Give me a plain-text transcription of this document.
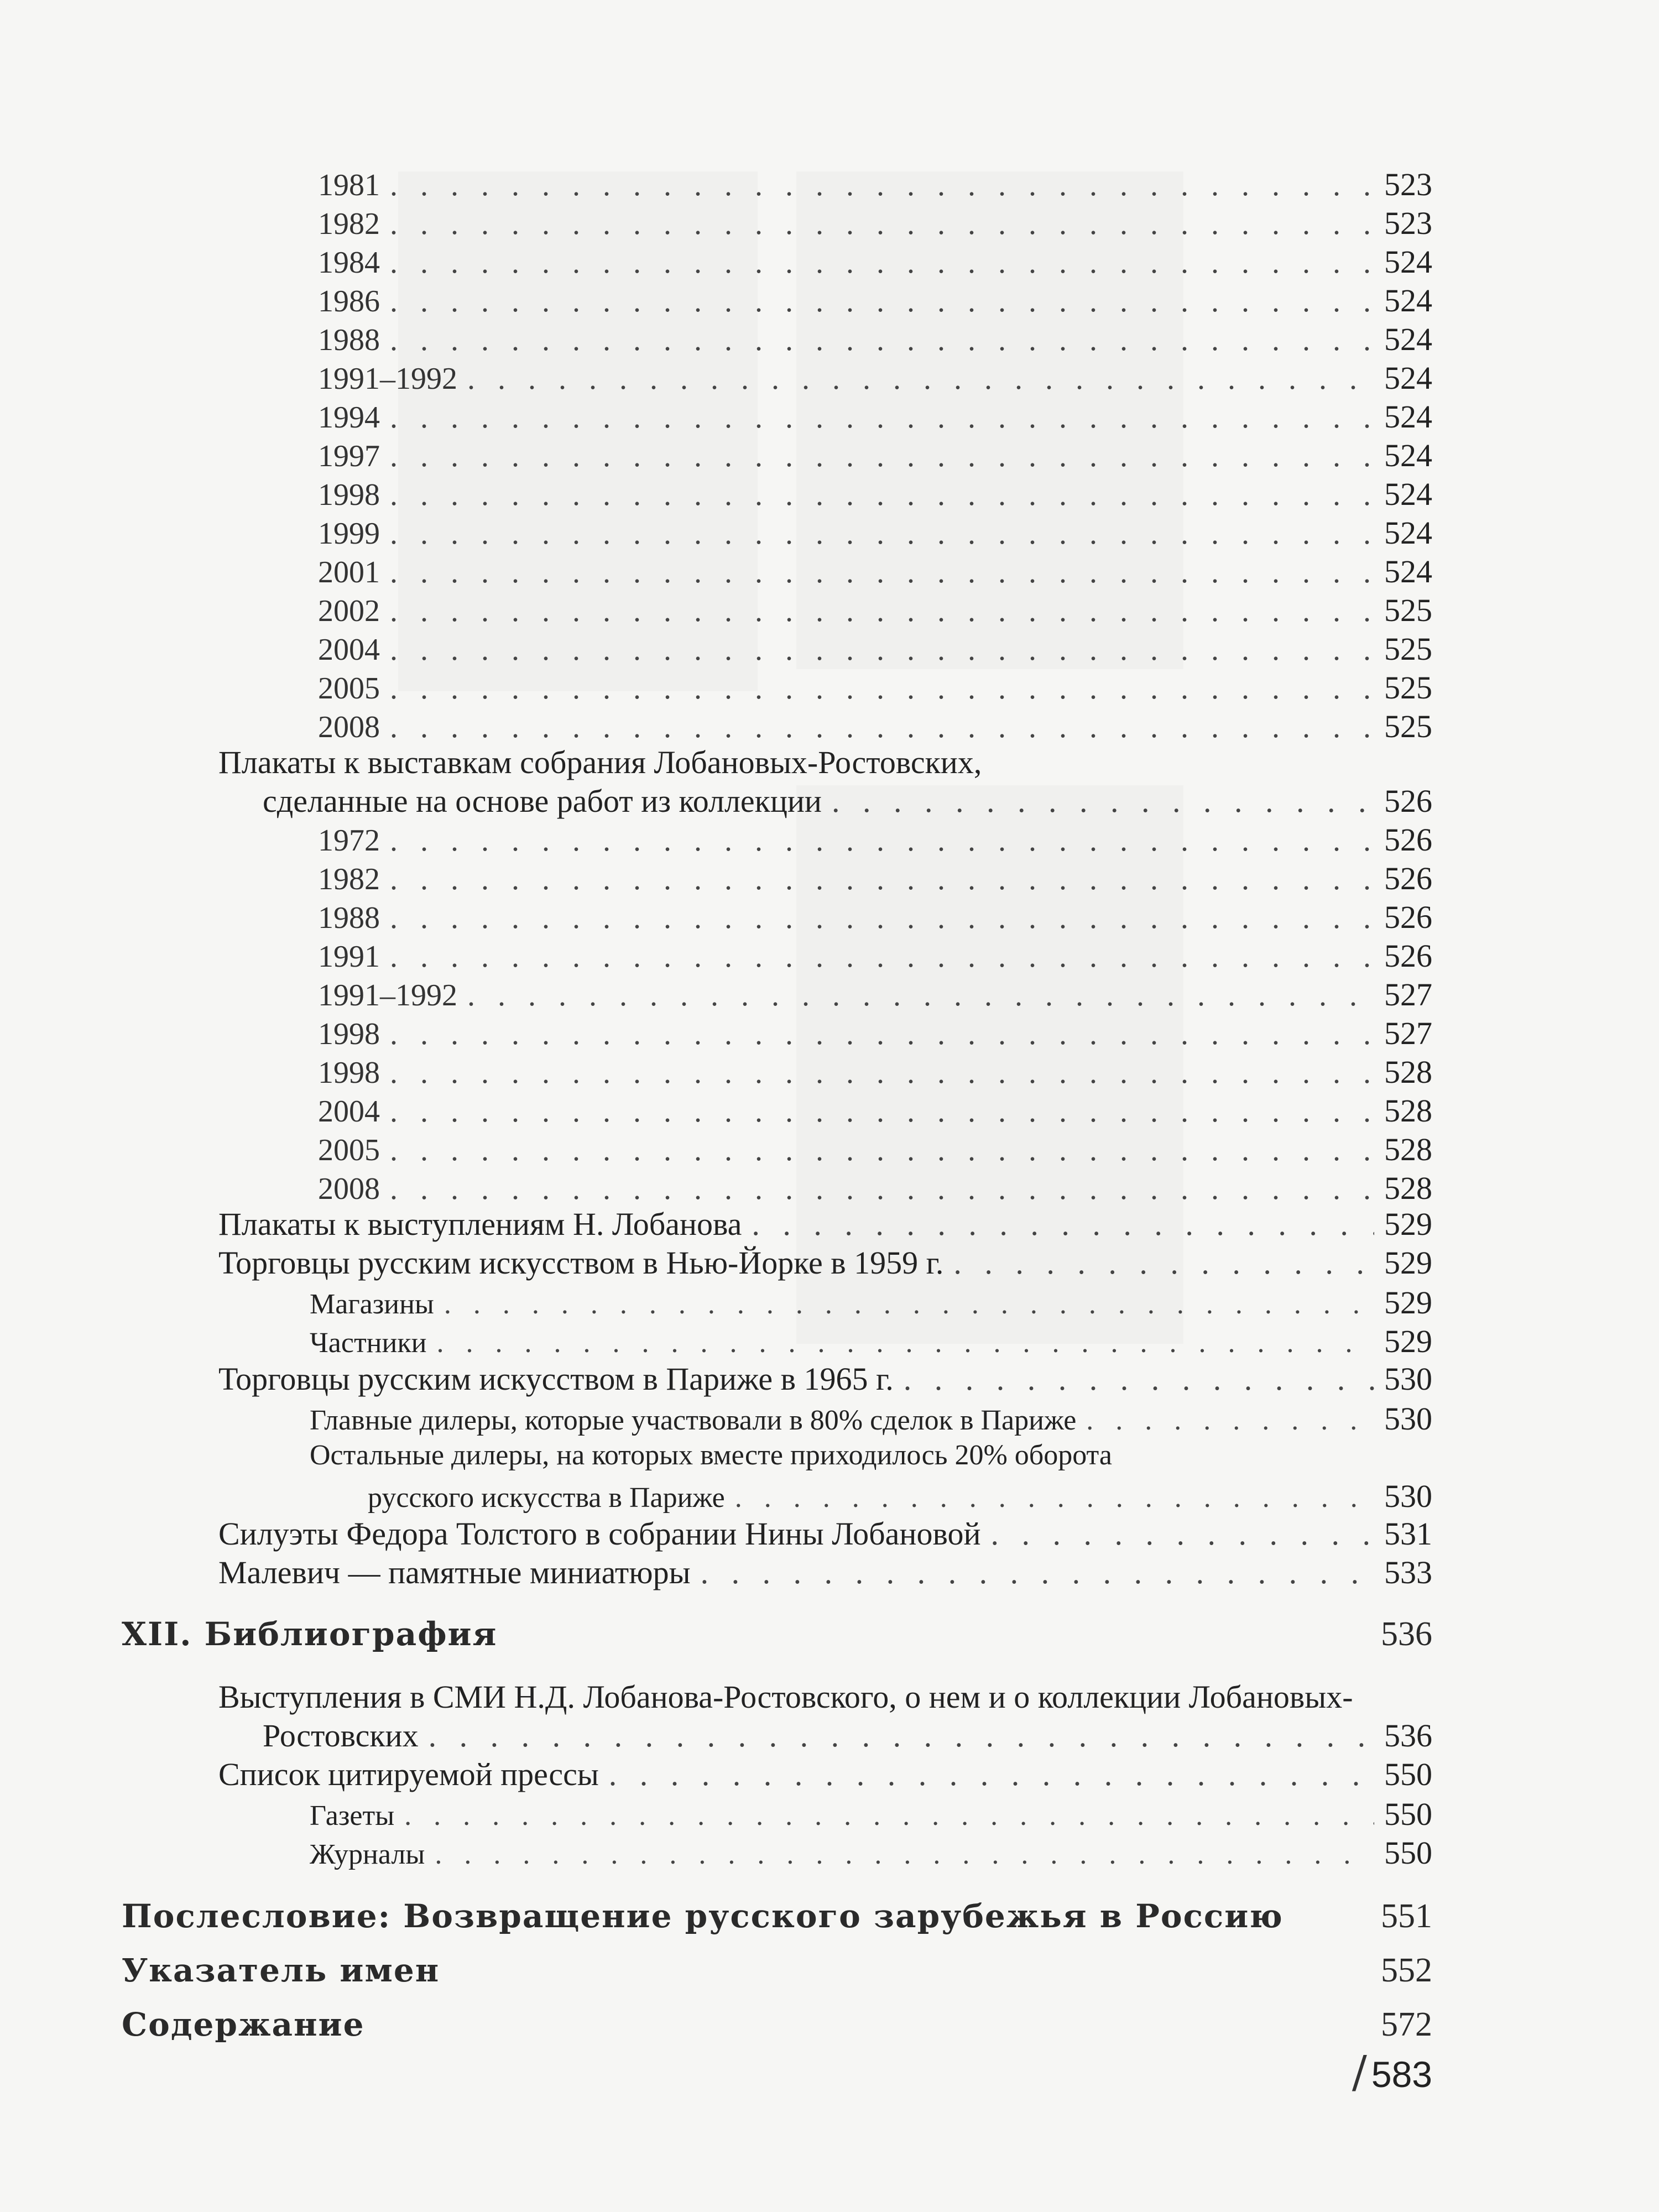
1981 . . .	523
1982 . . .	523
1984 . . .	524
1986 . . .	524
1988 . . .	524
1991–1992 . . .	524
1994 . . .	524
1997 . . .	524
1998 . . .	524
1999 . . .	524
2001 . . .	524
2002 . . .	525
2004 . . .	525
2005 . . .	525
2008 . . .	525
Плакаты к выставкам собрания Лобановых-Ростовских,
сделанные на основе работ из коллекции . . .	526
1972 . . .	526
1982 . . .	526
1988 . . .	526
1991 . . .	526
1991–1992 . . .	527
1998 . . .	527
1998 . . .	528
2004 . . .	528
2005 . . .	528
2008 . . .	528
Плакаты к выступлениям Н. Лобанова . . .	529
Торговцы русским искусством в Нью-Йорке в 1959 г. . . .	529
Магазины . . .	529
Частники . . .	529
Торговцы русским искусством в Париже в 1965 г. . . .	530
Главные дилеры, которые участвовали в 80% сделок в Париже . . .	530
Остальные дилеры, на которых вместе приходилось 20% оборота
русского искусства в Париже . . .	530
Силуэты Федора Толстого в собрании Нины Лобановой . . .	531
Малевич — памятные миниатюры . . .	533
XII. Библиография	536
Выступления в СМИ Н.Д. Лобанова-Ростовского, о нем и о коллекции Лобановых-
Ростовских . . .	536
Список цитируемой прессы . . .	550
Газеты . . .	550
Журналы . . .	550
Послесловие: Возвращение русского зарубежья в Россию	551
Указатель имен	552
Содержание	572
/ 583
